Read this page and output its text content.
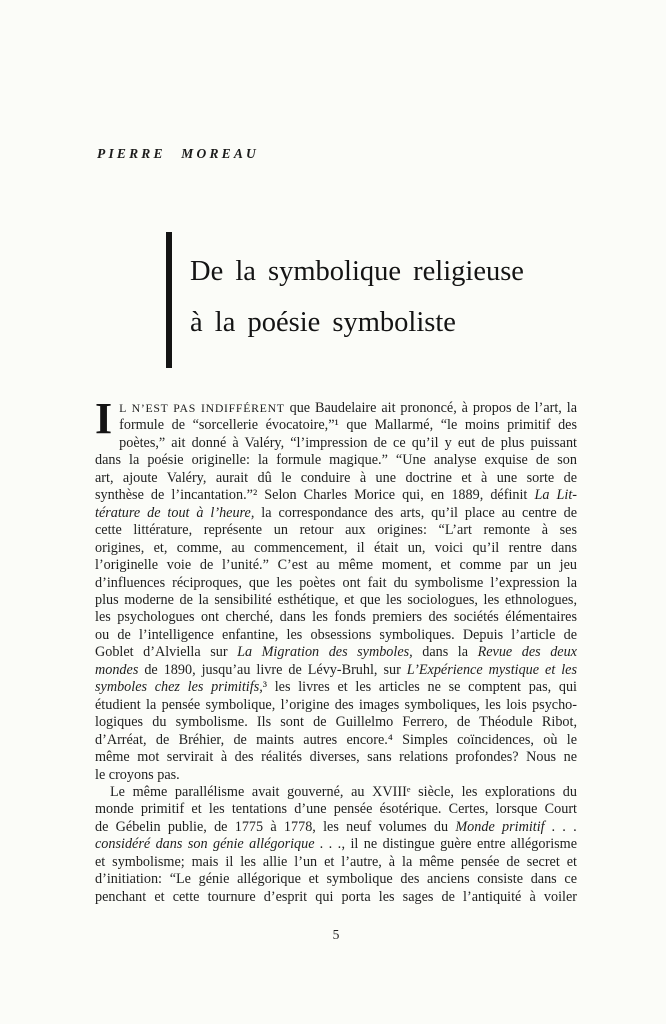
PIERRE MOREAU
De la symbolique religieuse
à la poésie symboliste
I L N’EST PAS INDIFFÉRENT que Baudelaire ait prononcé, à propos de l’art, la
formule de “sorcellerie évocatoire,”¹ que Mallarmé, “le moins primitif des
poètes,” ait donné à Valéry, “l’impression de ce qu’il y eut de plus puissant
dans la poésie originelle: la formule magique.” “Une analyse exquise de son
art, ajoute Valéry, aurait dû le conduire à une doctrine et à une sorte de
synthèse de l’incantation.”² Selon Charles Morice qui, en 1889, définit La Lit-
térature de tout à l’heure, la correspondance des arts, qu’il place au centre de
cette littérature, représente un retour aux origines: “L’art remonte à ses
origines, et, comme, au commencement, il était un, voici qu’il rentre dans
l’originelle voie de l’unité.” C’est au même moment, et comme par un jeu
d’influences réciproques, que les poètes ont fait du symbolisme l’expression la
plus moderne de la sensibilité esthétique, et que les sociologues, les ethnologues,
les psychologues ont cherché, dans les fonds premiers des sociétés élémentaires
ou de l’intelligence enfantine, les obsessions symboliques. Depuis l’article de
Goblet d’Alviella sur La Migration des symboles, dans la Revue des deux
mondes de 1890, jusqu’au livre de Lévy-Bruhl, sur L’Expérience mystique et les
symboles chez les primitifs,³ les livres et les articles ne se comptent pas, qui
étudient la pensée symbolique, l’origine des images symboliques, les lois psycho-
logiques du symbolisme. Ils sont de Guillelmo Ferrero, de Théodule Ribot,
d’Arréat, de Bréhier, de maints autres encore.⁴ Simples coïncidences, où le
même mot servirait à des réalités diverses, sans relations profondes? Nous ne
le croyons pas.
Le même parallélisme avait gouverné, au XVIIIᵉ siècle, les explorations du
monde primitif et les tentations d’une pensée ésotérique. Certes, lorsque Court
de Gébelin publie, de 1775 à 1778, les neuf volumes du Monde primitif . . .
considéré dans son génie allégorique . . ., il ne distingue guère entre allégorisme
et symbolisme; mais il les allie l’un et l’autre, à la même pensée de secret et
d’initiation: “Le génie allégorique et symbolique des anciens consiste dans ce
penchant et cette tournure d’esprit qui porta les sages de l’antiquité à voiler
5
